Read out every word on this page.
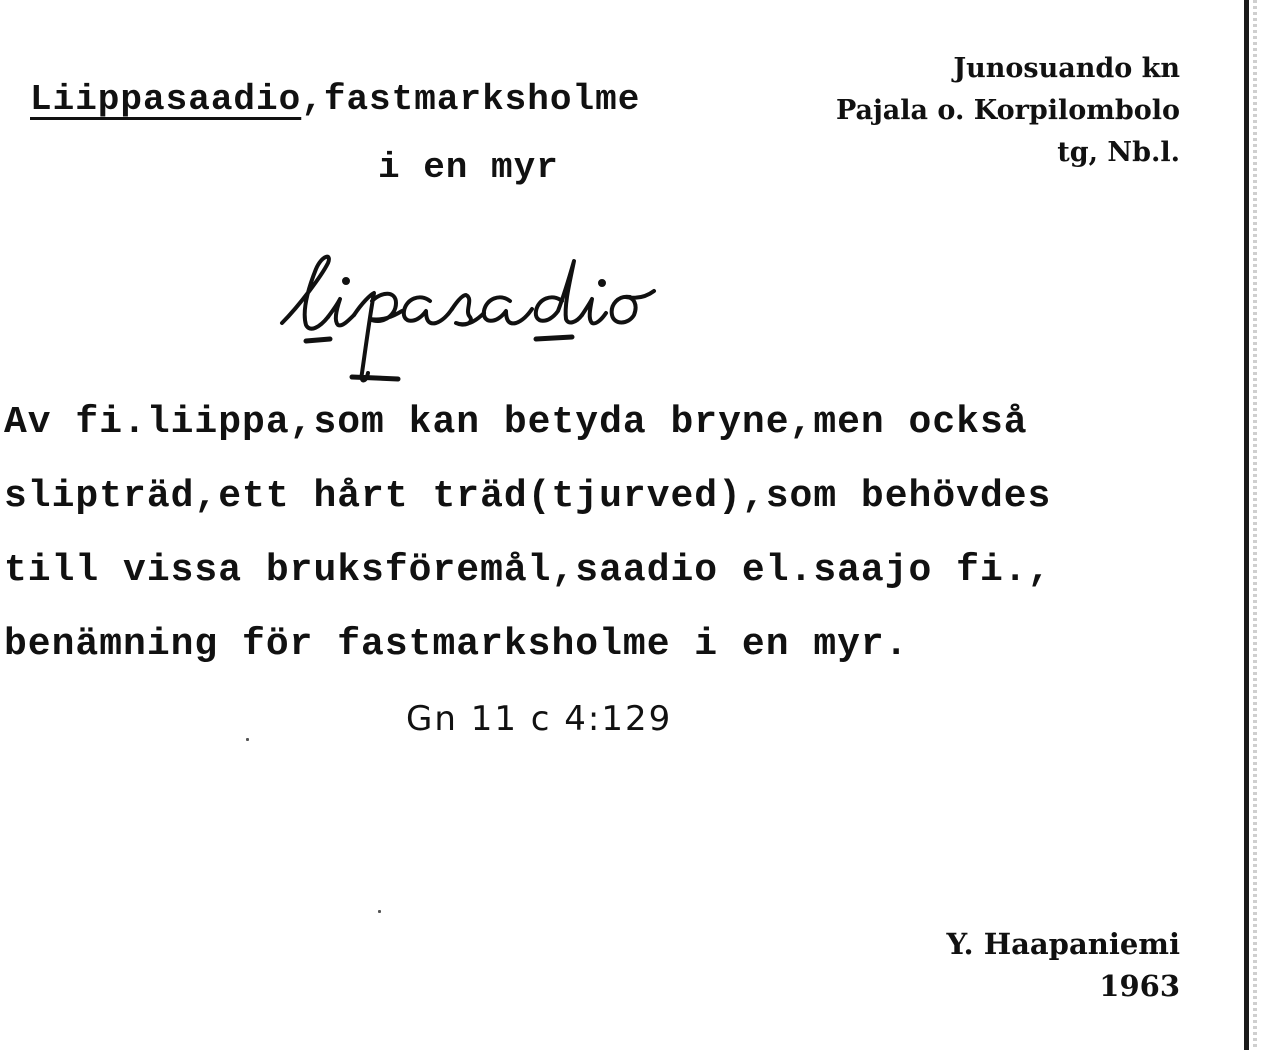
Liippasaadio,fastmarksholme
i en myr
Junosuando kn
Pajala o. Korpilombolo
tg, Nb.l.
Av fi.liippa,som kan betyda bryne,men också
slipträd,ett hårt träd(tjurved),som behövdes
till vissa bruksföremål,saadio el.saajo fi.,
benämning för fastmarksholme i en myr.
Gn 11 c 4:129
Y. Haapaniemi
1963
